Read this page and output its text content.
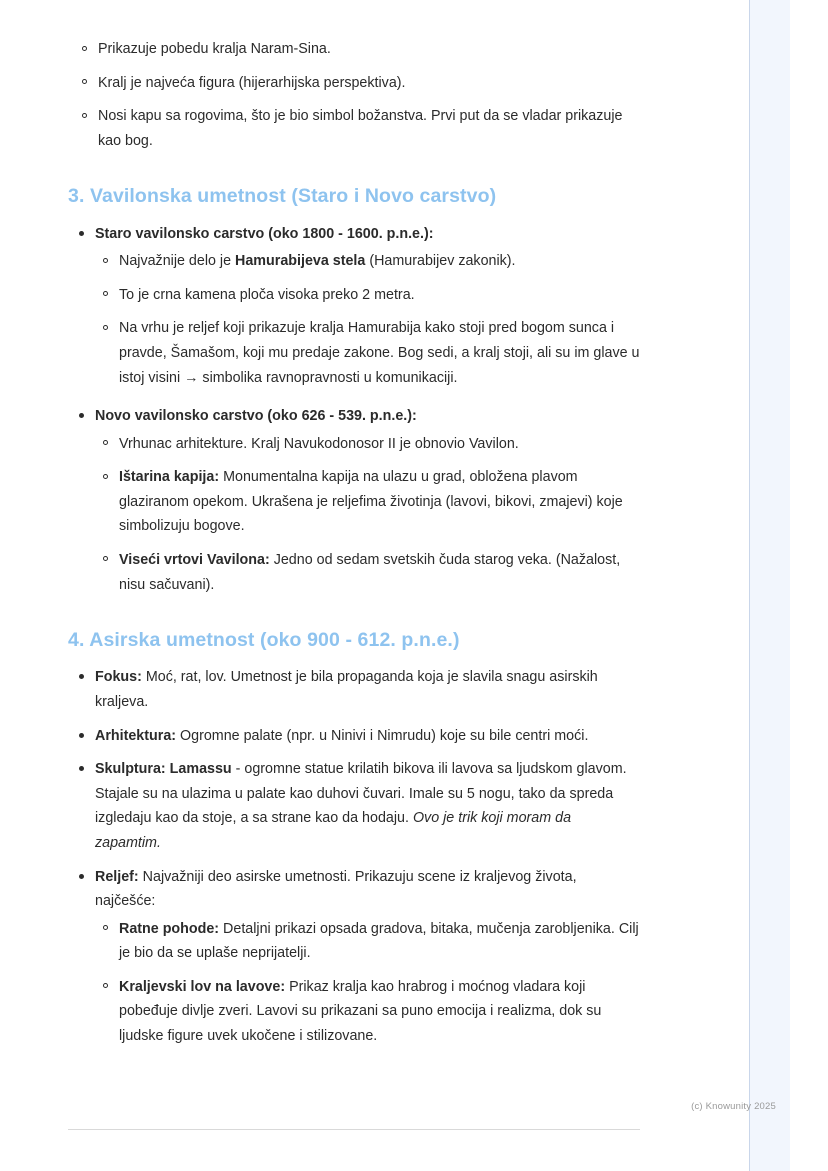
Prikazuje pobedu kralja Naram-Sina.
Kralj je najveća figura (hijerarhijska perspektiva).
Nosi kapu sa rogovima, što je bio simbol božanstva. Prvi put da se vladar prikazuje kao bog.
3. Vavilonska umetnost (Staro i Novo carstvo)
Staro vavilonsko carstvo (oko 1800 - 1600. p.n.e.):
Najvažnije delo je Hamurabijeva stela (Hamurabijev zakonik).
To je crna kamena ploča visoka preko 2 metra.
Na vrhu je reljef koji prikazuje kralja Hamurabija kako stoji pred bogom sunca i pravde, Šamašom, koji mu predaje zakone. Bog sedi, a kralj stoji, ali su im glave u istoj visini → simbolika ravnopravnosti u komunikaciji.
Novo vavilonsko carstvo (oko 626 - 539. p.n.e.):
Vrhunac arhitekture. Kralj Navukodonosor II je obnovio Vavilon.
Ištarina kapija: Monumentalna kapija na ulazu u grad, obložena plavom glaziranom opekom. Ukrašena je reljefima životinja (lavovi, bikovi, zmajevi) koje simbolizuju bogove.
Viseći vrtovi Vavilona: Jedno od sedam svetskih čuda starog veka. (Nažalost, nisu sačuvani).
4. Asirska umetnost (oko 900 - 612. p.n.e.)
Fokus: Moć, rat, lov. Umetnost je bila propaganda koja je slavila snagu asirskih kraljeva.
Arhitektura: Ogromne palate (npr. u Ninivi i Nimrudu) koje su bile centri moći.
Skulptura: Lamassu - ogromne statue krilatih bikova ili lavova sa ljudskom glavom. Stajale su na ulazima u palate kao duhovi čuvari. Imale su 5 nogu, tako da spreda izgledaju kao da stoje, a sa strane kao da hodaju. Ovo je trik koji moram da zapamtim.
Reljef: Najvažniji deo asirske umetnosti. Prikazuju scene iz kraljevog života, najčešće:
Ratne pohode: Detaljni prikazi opsada gradova, bitaka, mučenja zarobljenika. Cilj je bio da se uplaše neprijatelji.
Kraljevski lov na lavove: Prikaz kralja kao hrabrog i moćnog vladara koji pobeđuje divlje zveri. Lavovi su prikazani sa puno emocija i realizma, dok su ljudske figure uvek ukočene i stilizovane.
(c) Knowunity 2025
